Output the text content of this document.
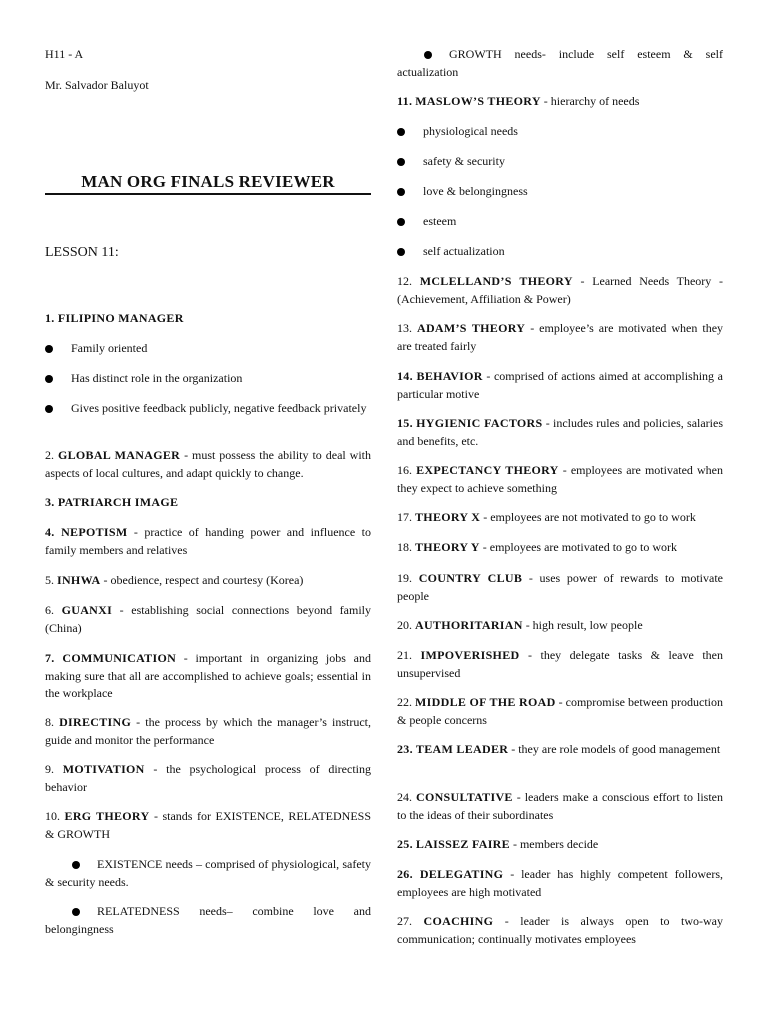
H11 - A
Mr. Salvador Baluyot
MAN ORG FINALS REVIEWER
LESSON 11:
1. FILIPINO MANAGER
Family oriented
Has distinct role in the organization
Gives positive feedback publicly, negative feedback privately
2. GLOBAL MANAGER - must possess the ability to deal with aspects of local cultures, and adapt quickly to change.
3. PATRIARCH IMAGE
4. NEPOTISM - practice of handing power and influence to family members and relatives
5. INHWA - obedience, respect and courtesy (Korea)
6. GUANXI - establishing social connections beyond family (China)
7. COMMUNICATION - important in organizing jobs and making sure that all are accomplished to achieve goals; essential in the workplace
8. DIRECTING - the process by which the manager’s instruct, guide and monitor the performance
9. MOTIVATION - the psychological process of directing behavior
10. ERG THEORY - stands for EXISTENCE, RELATEDNESS & GROWTH
EXISTENCE needs – comprised of physiological, safety & security needs.
RELATEDNESS needs– combine love and belongingness
GROWTH needs- include self esteem & self actualization
11. MASLOW’S THEORY - hierarchy of needs
physiological needs
safety & security
love & belongingness
esteem
self actualization
12. MCLELLAND’S THEORY - Learned Needs Theory - (Achievement, Affiliation & Power)
13. ADAM’S THEORY - employee’s are motivated when they are treated fairly
14. BEHAVIOR - comprised of actions aimed at accomplishing a particular motive
15. HYGIENIC FACTORS - includes rules and policies, salaries and benefits, etc.
16. EXPECTANCY THEORY - employees are motivated when they expect to achieve something
17. THEORY X - employees are not motivated to go to work
18. THEORY Y - employees are motivated to go to work
19. COUNTRY CLUB - uses power of rewards to motivate people
20. AUTHORITARIAN - high result, low people
21. IMPOVERISHED - they delegate tasks & leave then unsupervised
22. MIDDLE OF THE ROAD - compromise between production & people concerns
23. TEAM LEADER - they are role models of good management
24. CONSULTATIVE - leaders make a conscious effort to listen to the ideas of their subordinates
25. LAISSEZ FAIRE - members decide
26. DELEGATING - leader has highly competent followers, employees are high motivated
27. COACHING - leader is always open to two-way communication; continually motivates employees
